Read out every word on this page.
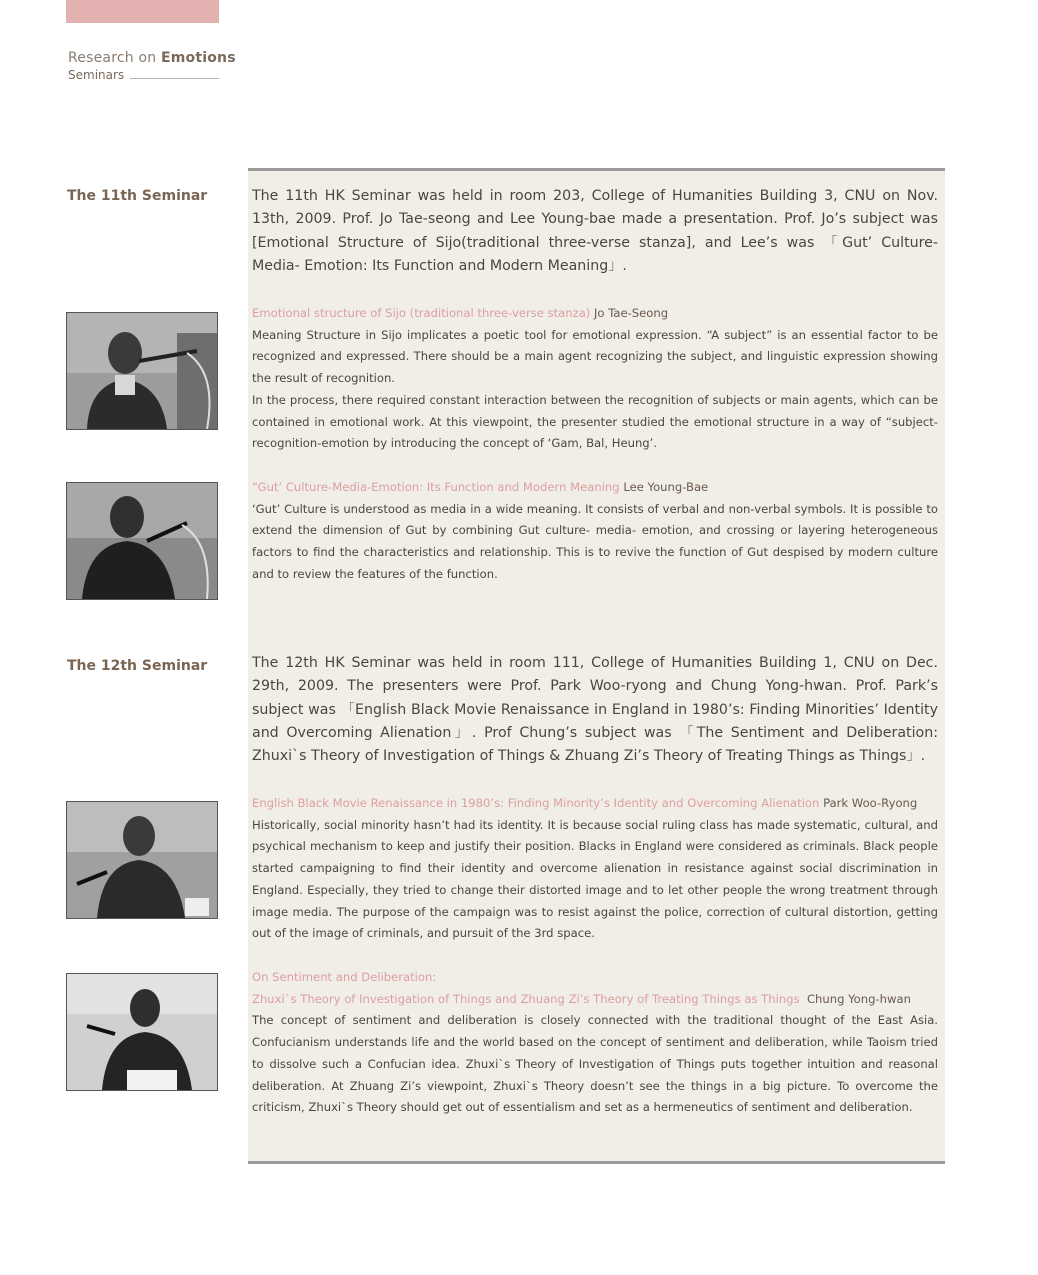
Research on Emotions
Seminars
The 11th Seminar	The 11th HK Seminar was held in room 203, College of Humanities Building 3, CNU on Nov. 13th, 2009. Prof. Jo Tae-seong and Lee Young-bae made a presentation. Prof. Jo’s subject was [Emotional Structure of Sijo(traditional three-verse stanza], and Lee’s was 「Gut’ Culture- Media- Emotion: Its Function and Modern Meaning」.

Emotional structure of Sijo (traditional three-verse stanza) Jo Tae-Seong

Meaning Structure in Sijo implicates a poetic tool for emotional expression. “A subject” is an essential factor to be recognized and expressed. There should be a main agent recognizing the subject, and linguistic expression showing the result of recognition.

In the process, there required constant interaction between the recognition of subjects or main agents, which can be contained in emotional work. At this viewpoint, the presenter studied the emotional structure in a way of “subject-recognition-emotion by introducing the concept of ‘Gam, Bal, Heung’.

“Gut’ Culture-Media-Emotion: Its Function and Modern Meaning Lee Young-Bae

‘Gut’ Culture is understood as media in a wide meaning. It consists of verbal and non-verbal symbols. It is possible to extend the dimension of Gut by combining Gut culture- media- emotion, and crossing or layering heterogeneous factors to find the characteristics and relationship. This is to revive the function of Gut despised by modern culture and to review the features of the function.

The 12th Seminar	The 12th HK Seminar was held in room 111, College of Humanities Building 1, CNU on Dec. 29th, 2009. The presenters were Prof. Park Woo-ryong and Chung Yong-hwan. Prof. Park’s subject was 「English Black Movie Renaissance in England in 1980’s: Finding Minorities’ Identity and Overcoming Alienation」. Prof Chung’s subject was 「The Sentiment and Deliberation: Zhuxi`s Theory of Investigation of Things & Zhuang Zi’s Theory of Treating Things as Things」.

English Black Movie Renaissance in 1980’s: Finding Minority’s Identity and Overcoming Alienation Park Woo-Ryong

Historically, social minority hasn’t had its identity. It is because social ruling class has made systematic, cultural, and psychical mechanism to keep and justify their position. Blacks in England were considered as criminals. Black people started campaigning to find their identity and overcome alienation in resistance against social discrimination in England. Especially, they tried to change their distorted image and to let other people the wrong treatment through image media. The purpose of the campaign was to resist against the police, correction of cultural distortion, getting out of the image of criminals, and pursuit of the 3rd space.

On Sentiment and Deliberation:

Zhuxi`s Theory of Investigation of Things and Zhuang Zi’s Theory of Treating Things as Things Chung Yong-hwan

The concept of sentiment and deliberation is closely connected with the traditional thought of the East Asia. Confucianism understands life and the world based on the concept of sentiment and deliberation, while Taoism tried to dissolve such a Confucian idea. Zhuxi`s Theory of Investigation of Things puts together intuition and reasonal deliberation. At Zhuang Zi’s viewpoint, Zhuxi`s Theory doesn’t see the things in a big picture. To overcome the criticism, Zhuxi`s Theory should get out of essentialism and set as a hermeneutics of sentiment and deliberation.
